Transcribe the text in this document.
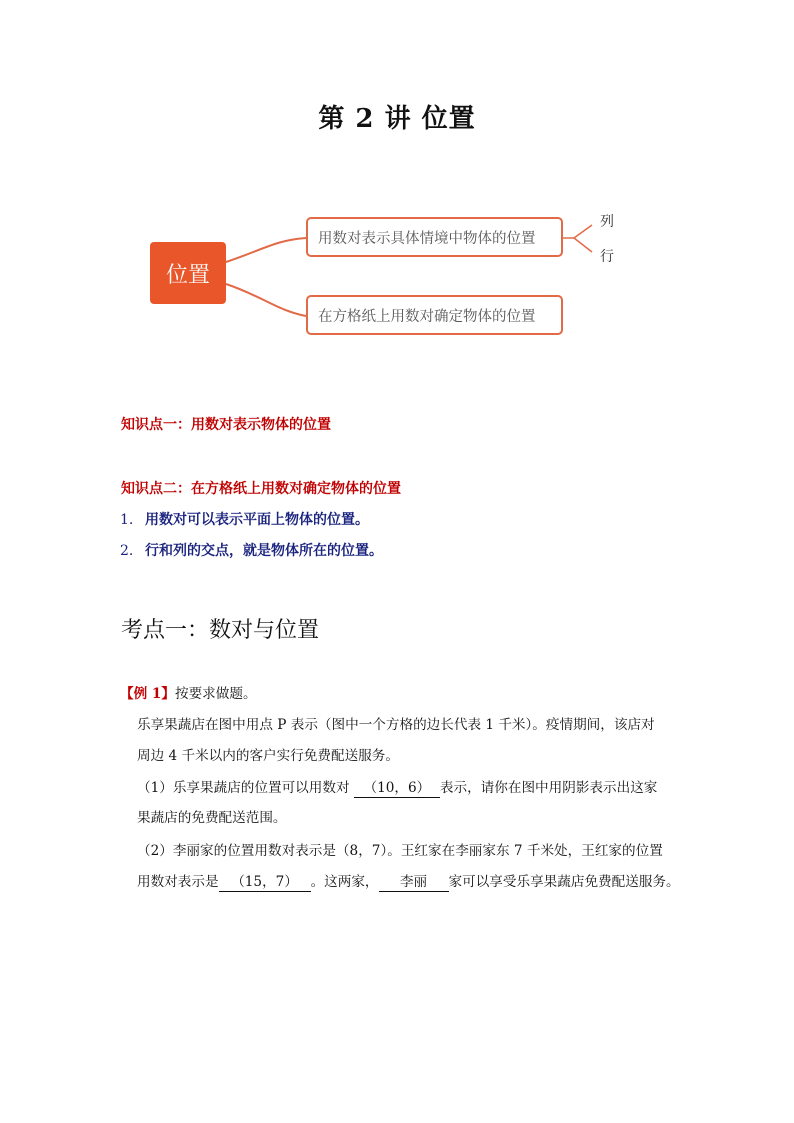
第 2 讲 位置
位置
用数对表示具体情境中物体的位置
在方格纸上用数对确定物体的位置
列
行
知识点一：用数对表示物体的位置
知识点二：在方格纸上用数对确定物体的位置
1. 用数对可以表示平面上物体的位置。
2. 行和列的交点，就是物体所在的位置。
考点一：数对与位置
【例 1】按要求做题。
乐享果蔬店在图中用点 P 表示（图中一个方格的边长代表 1 千米）。疫情期间，该店对
周边 4 千米以内的客户实行免费配送服务。
（1）乐享果蔬店的位置可以用数对 （10，6） 表示，请你在图中用阴影表示出这家
果蔬店的免费配送范围。
（2）李丽家的位置用数对表示是（8，7）。王红家在李丽家东 7 千米处，王红家的位置
用数对表示是 （15，7） 。这两家， 李丽 家可以享受乐享果蔬店免费配送服务。
